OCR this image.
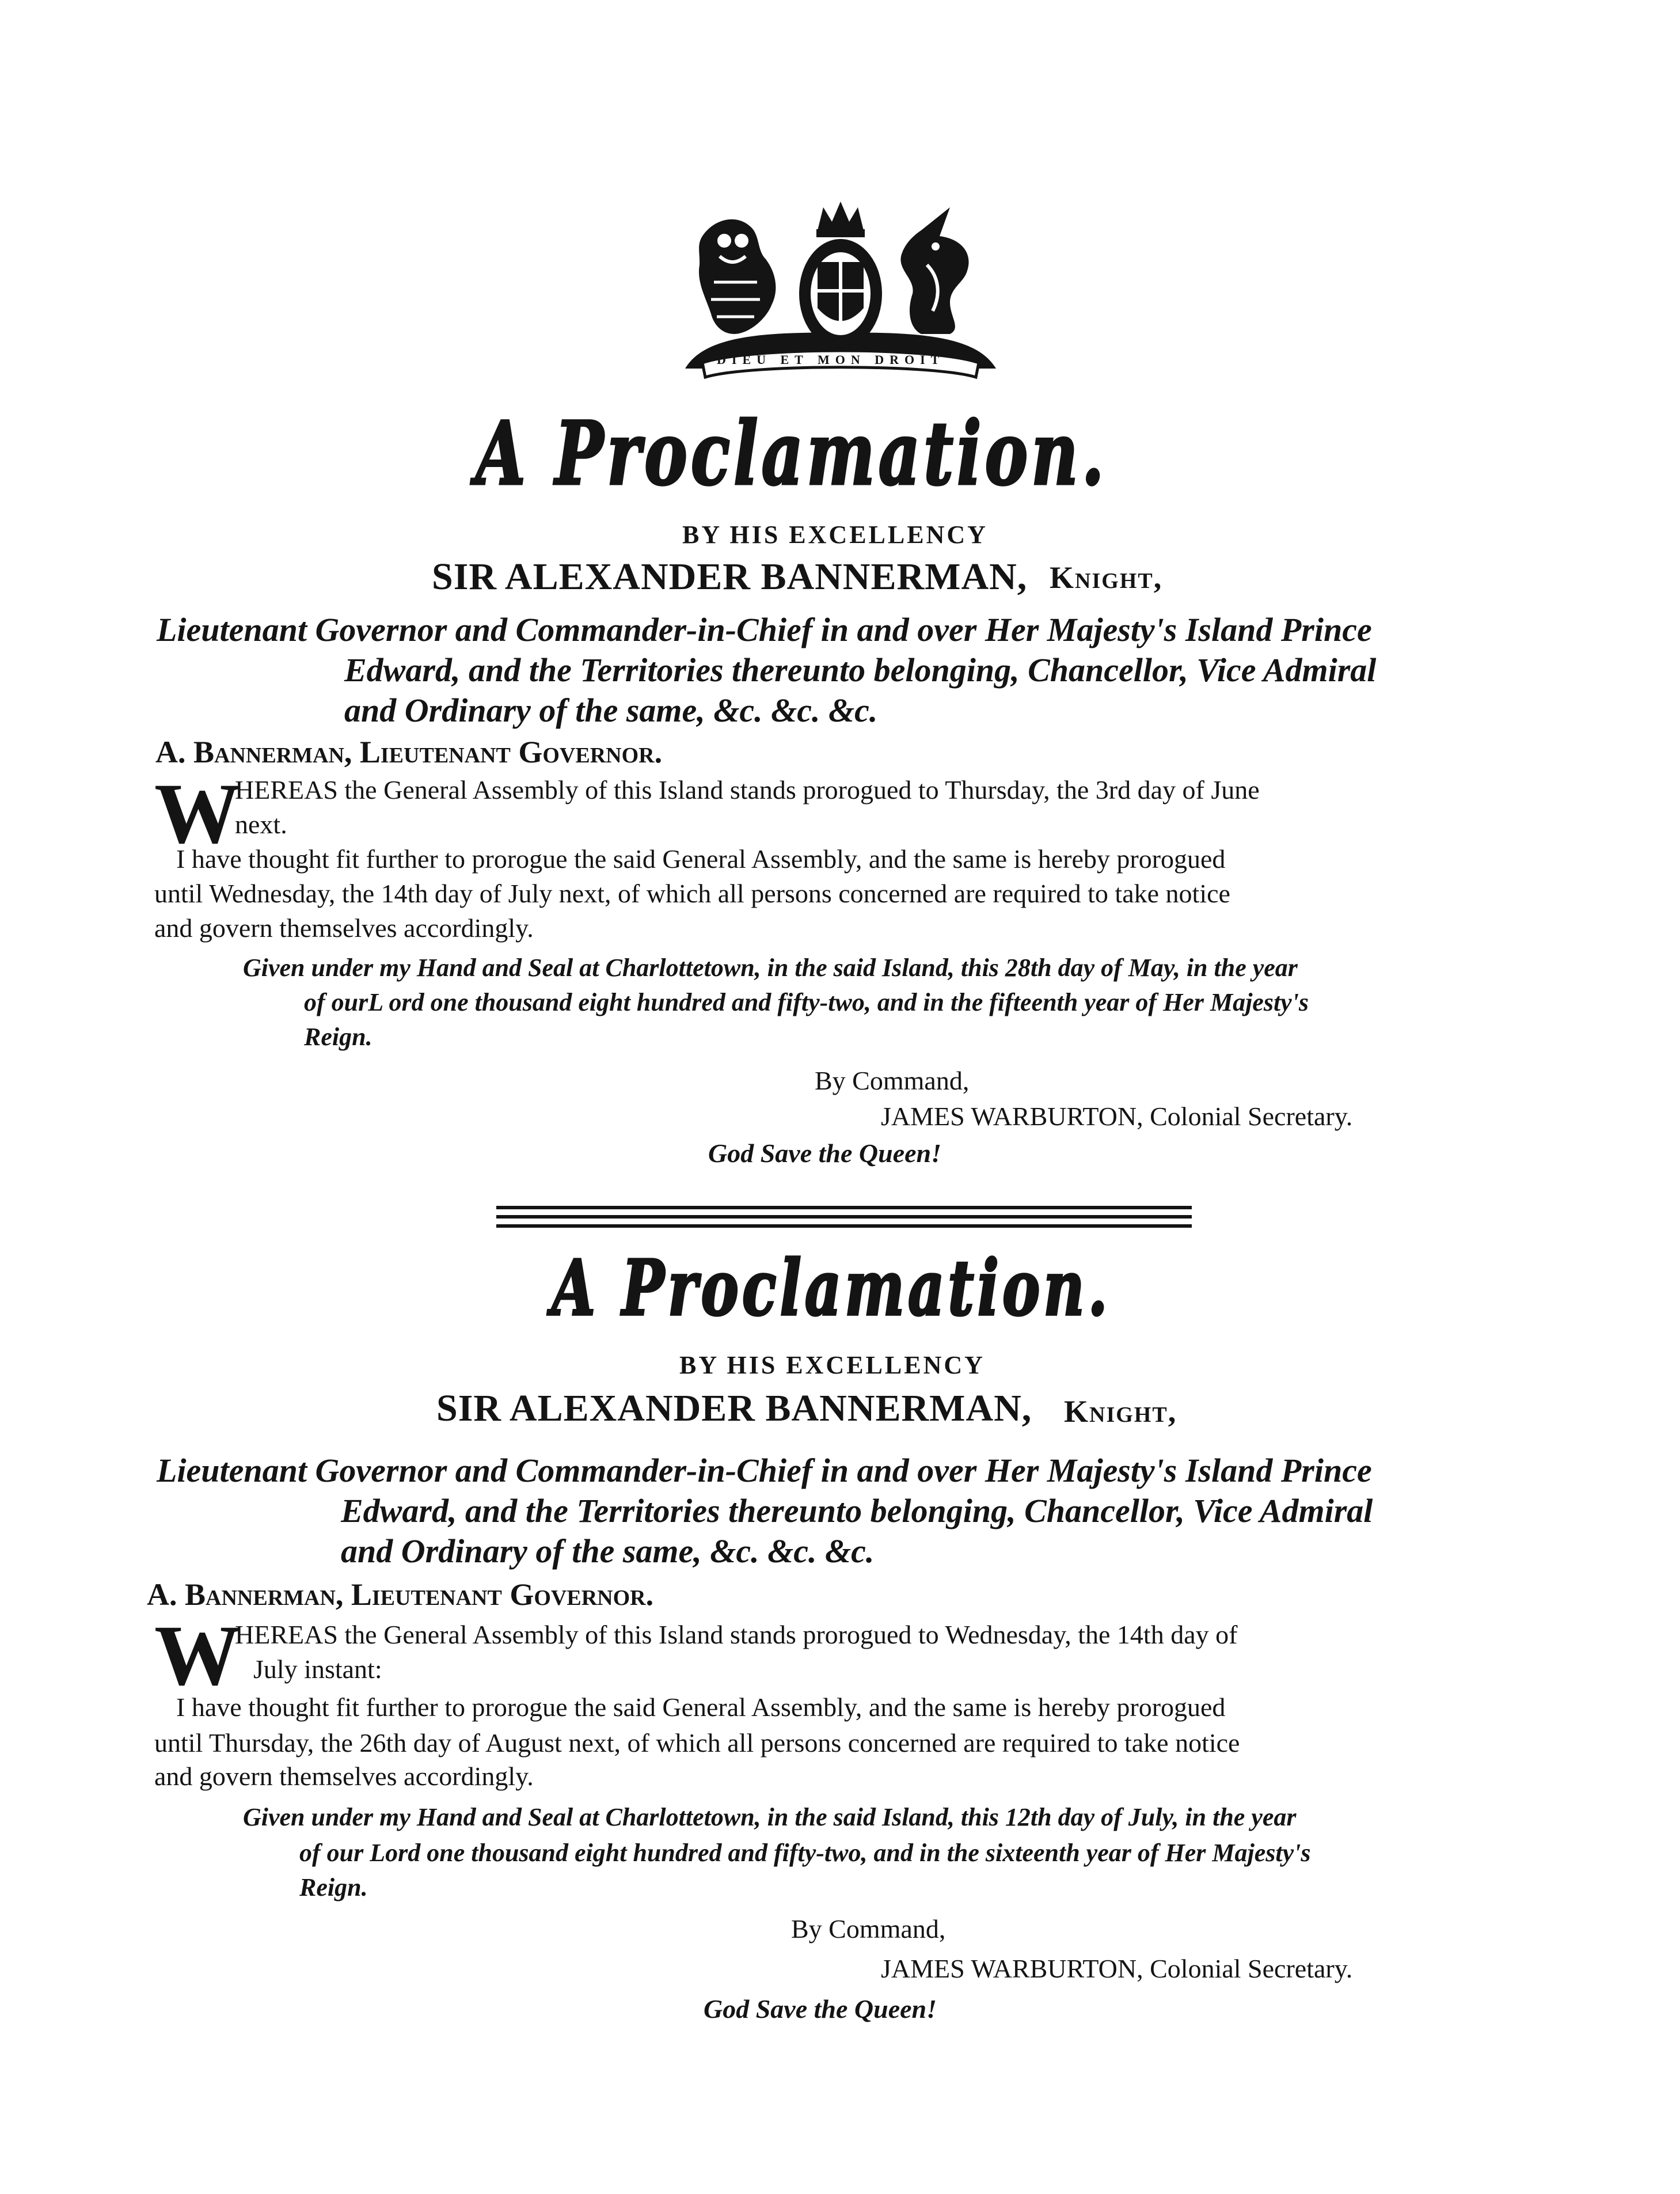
DIEU ET MON DROIT
A Proclamation.
BY HIS EXCELLENCY
SIR ALEXANDER BANNERMAN, Knight,
Lieutenant Governor and Commander-in-Chief in and over Her Majesty's Island Prince
Edward, and the Territories thereunto belonging, Chancellor, Vice Admiral
and Ordinary of the same, &c. &c. &c.
A. Bannerman, Lieutenant Governor.
W
HEREAS the General Assembly of this Island stands prorogued to Thursday, the 3rd day of June
next.
I have thought fit further to prorogue the said General Assembly, and the same is hereby prorogued
until Wednesday, the 14th day of July next, of which all persons concerned are required to take notice
and govern themselves accordingly.
Given under my Hand and Seal at Charlottetown, in the said Island, this 28th day of May, in the year
of ourL ord one thousand eight hundred and fifty-two, and in the fifteenth year of Her Majesty's
Reign.
By Command,
JAMES WARBURTON, Colonial Secretary.
God Save the Queen!
A Proclamation.
BY HIS EXCELLENCY
SIR ALEXANDER BANNERMAN, Knight,
Lieutenant Governor and Commander-in-Chief in and over Her Majesty's Island Prince
Edward, and the Territories thereunto belonging, Chancellor, Vice Admiral
and Ordinary of the same, &c. &c. &c.
A. Bannerman, Lieutenant Governor.
W
HEREAS the General Assembly of this Island stands prorogued to Wednesday, the 14th day of
July instant:
I have thought fit further to prorogue the said General Assembly, and the same is hereby prorogued
until Thursday, the 26th day of August next, of which all persons concerned are required to take notice
and govern themselves accordingly.
Given under my Hand and Seal at Charlottetown, in the said Island, this 12th day of July, in the year
of our Lord one thousand eight hundred and fifty-two, and in the sixteenth year of Her Majesty's
Reign.
By Command,
JAMES WARBURTON, Colonial Secretary.
God Save the Queen!
